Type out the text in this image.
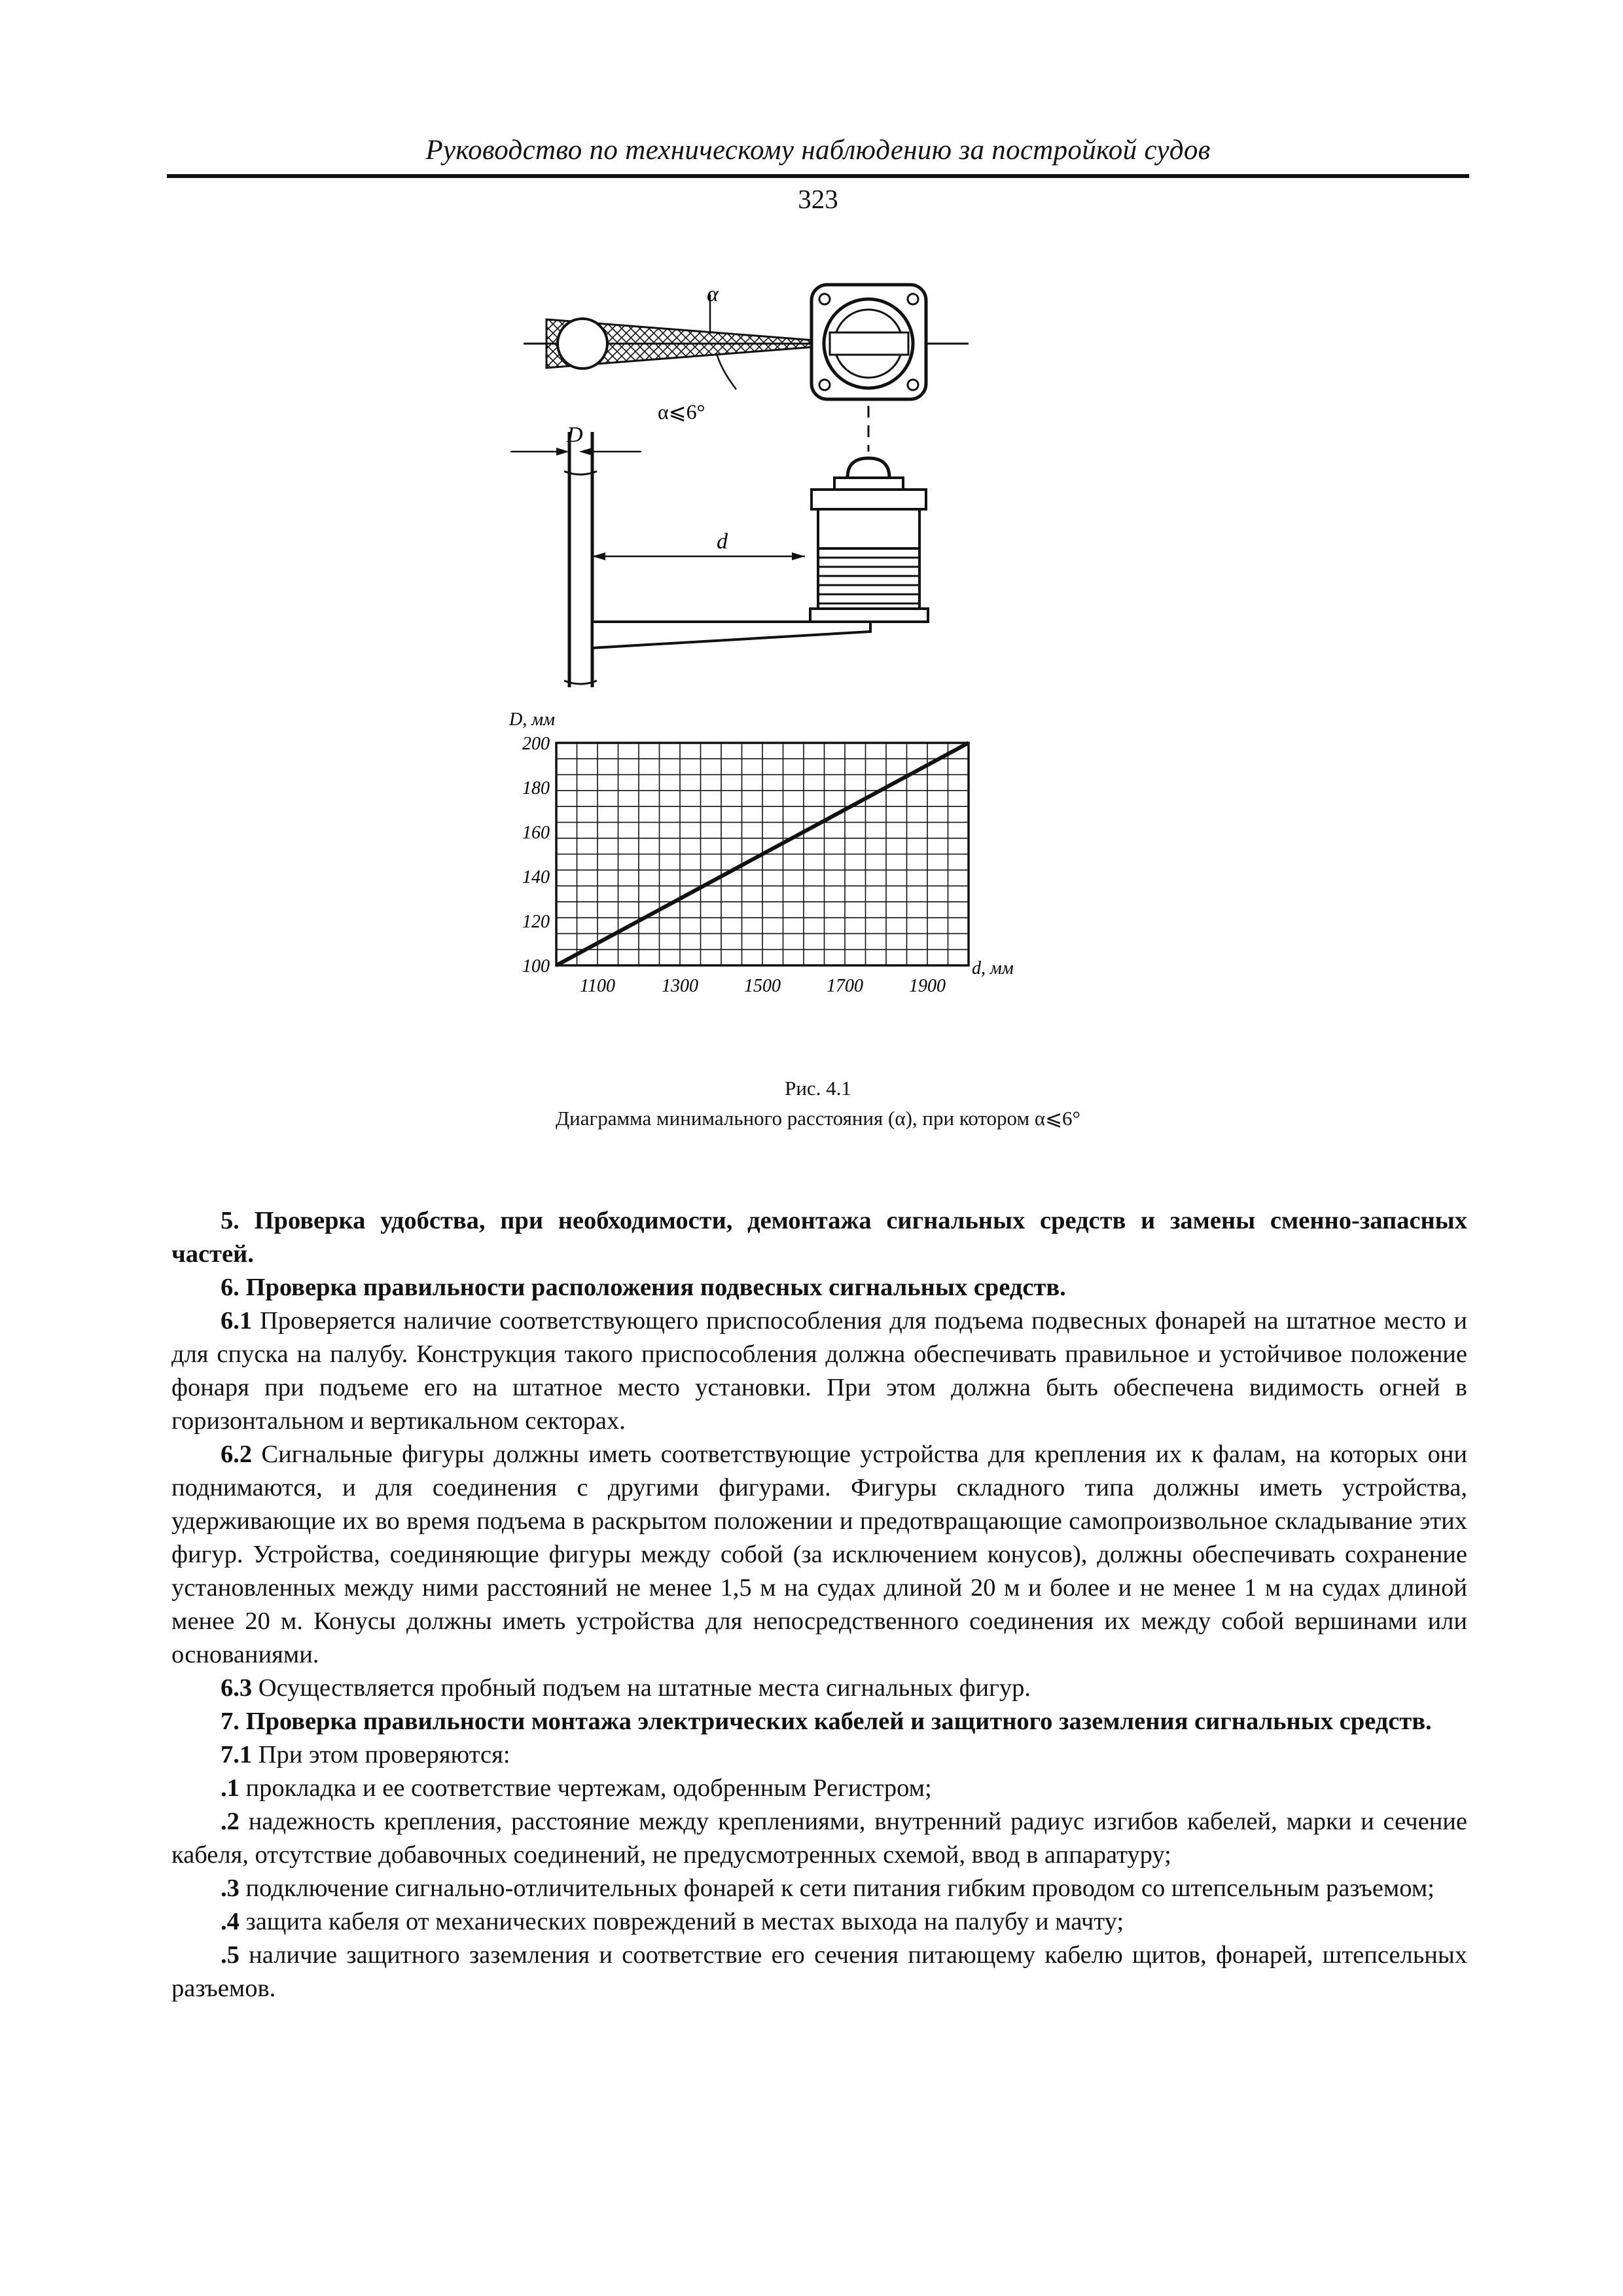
Руководство по техническому наблюдению за постройкой судов
323
α
α⩽6°
D
d
D, мм
d, мм
200
180
160
140
120
100
1100	1300	1500	1700	1900
Рис. 4.1
Диаграмма минимального расстояния (α), при котором α⩽6°

5. Проверка удобства, при необходимости, демонтажа сигнальных средств и замены сменно-запасных частей.

6. Проверка правильности расположения подвесных сигнальных средств.

6.1 Проверяется наличие соответствующего приспособления для подъема подвесных фонарей на штатное место и для спуска на палубу. Конструкция такого приспособления должна обеспечивать правильное и устойчивое положение фонаря при подъеме его на штатное место установки. При этом должна быть обеспечена видимость огней в горизонтальном и вертикальном секторах.

6.2 Сигнальные фигуры должны иметь соответствующие устройства для крепления их к фалам, на которых они поднимаются, и для соединения с другими фигурами. Фигуры складного типа должны иметь устройства, удерживающие их во время подъема в раскрытом положении и предотвращающие самопроизвольное складывание этих фигур. Устройства, соединяющие фигуры между собой (за исключением конусов), должны обеспечивать сохранение установленных между ними расстояний не менее 1,5 м на судах длиной 20 м и более и не менее 1 м на судах длиной менее 20 м. Конусы должны иметь устройства для непосредственного соединения их между собой вершинами или основаниями.

6.3 Осуществляется пробный подъем на штатные места сигнальных фигур.

7. Проверка правильности монтажа электрических кабелей и защитного заземления сигнальных средств.

7.1 При этом проверяются:

.1 прокладка и ее соответствие чертежам, одобренным Регистром;

.2 надежность крепления, расстояние между креплениями, внутренний радиус изгибов кабелей, марки и сечение кабеля, отсутствие добавочных соединений, не предусмотренных схемой, ввод в аппаратуру;

.3 подключение сигнально-отличительных фонарей к сети питания гибким проводом со штепсельным разъемом;

.4 защита кабеля от механических повреждений в местах выхода на палубу и мачту;

.5 наличие защитного заземления и соответствие его сечения питающему кабелю щитов, фонарей, штепсельных разъемов.
